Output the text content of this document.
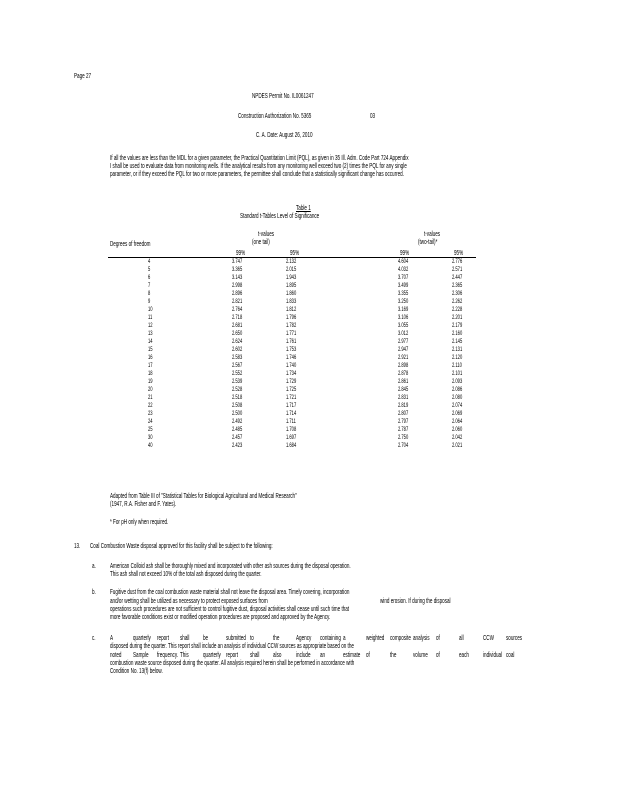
Page 27
NPDES Permit No. IL0061247
Construction Authorization No. 5365	03
C. A. Date: August 26, 2010
If all the values are less than the MDL for a given parameter, the Practical Quantitation Limit (PQL), as given in 35 Ill. Adm. Code Part 724 Appendix I shall be used to evaluate data from monitoring wells. If the analytical results from any monitoring well exceed two (2) times the PQL for any single parameter, or if they exceed the PQL for two or more parameters, the permittee shall conclude that a statistically significant change has occurred.
Table 1
Standard t-Tables Level of Significance
t-values
(one tail)
t-values
(two-tail)*
Degrees of freedom
99%	95%	99%	95%
4	3.747	2.132	4.604	2.776
5	3.365	2.015	4.032	2.571
6	3.143	1.943	3.707	2.447
7	2.998	1.895	3.499	2.365
8	2.896	1.860	3.355	2.306
9	2.821	1.833	3.250	2.262
10	2.764	1.812	3.169	2.228
11	2.718	1.796	3.106	2.201
12	2.681	1.782	3.055	2.179
13	2.650	1.771	3.012	2.160
14	2.624	1.761	2.977	2.145
15	2.602	1.753	2.947	2.131
16	2.583	1.746	2.921	2.120
17	2.567	1.740	2.898	2.110
18	2.552	1.734	2.878	2.101
19	2.539	1.729	2.861	2.093
20	2.528	1.725	2.845	2.086
21	2.518	1.721	2.831	2.080
22	2.508	1.717	2.819	2.074
23	2.500	1.714	2.807	2.069
24	2.492	1.711	2.797	2.064
25	2.485	1.708	2.787	2.060
30	2.457	1.697	2.750	2.042
40	2.423	1.684	2.704	2.021
Adapted from Table III of "Statistical Tables for Biological Agricultural and Medical Research" (1947, R.A. Fisher and F. Yates).
* For pH only when required.
13.	Coal Combustion Waste disposal approved for this facility shall be subject to the following:
a.	American Colloid ash shall be thoroughly mixed and incorporated with other ash sources during the disposal operation.
This ash shall not exceed 10% of the total ash disposed during the quarter.
b.	Fugitive dust from the coal combustion waste material shall not leave the disposal area. Timely covering, incorporation
and/or wetting shall be utilized as necessary to protect exposed surfaces from	wind erosion. If during the disposal
operations such procedures are not sufficient to control fugitive dust, disposal activities shall cease until such time that
more favorable conditions exist or modified operation procedures are proposed and approved by the Agency.
c. A	quarterly report	shall	be	submitted to	the	Agency	containing a	weighted composite analysis of	all	CCW	sources
disposed during the quarter. This report shall include an analysis of individual CCW sources as appropriate based on the
noted	Sample	frequency. This	quarterly report	shall	also	include	an	estimate of	the	volume	of	each	individual coal
combustion waste source disposed during the quarter. All analysis required herein shall be performed in accordance with
Condition No. 13(f) below.
